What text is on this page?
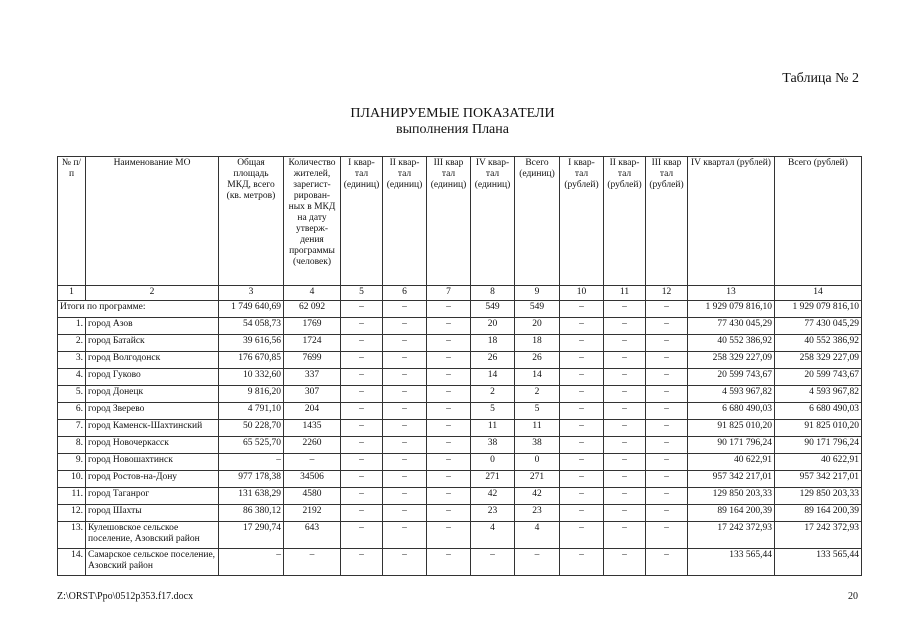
Таблица № 2
ПЛАНИРУЕМЫЕ ПОКАЗАТЕЛИ
выполнения Плана
№ п/п	Наименование МО	Общая площадь МКД, всего (кв. метров)	Количество жителей, зарегист-рирован-ных в МКД на дату утверж-дения программы (человек)	I квар-тал (единиц)	II квар-тал (единиц)	III квар тал (единиц)	IV квар-тал (единиц)	Всего (единиц)	I квар-тал (рублей)	II квар-тал (рублей)	III квар тал (рублей)	IV квартал (рублей)	Всего (рублей)
1	2	3	4	5	6	7	8	9	10	11	12	13	14
Итоги по программе:		1 749 640,69	62 092	–	–	–	549	549	–	–	–	1 929 079 816,10	1 929 079 816,10
1.	город Азов	54 058,73	1769	–	–	–	20	20	–	–	–	77 430 045,29	77 430 045,29
2.	город Батайск	39 616,56	1724	–	–	–	18	18	–	–	–	40 552 386,92	40 552 386,92
3.	город Волгодонск	176 670,85	7699	–	–	–	26	26	–	–	–	258 329 227,09	258 329 227,09
4.	город Гуково	10 332,60	337	–	–	–	14	14	–	–	–	20 599 743,67	20 599 743,67
5.	город Донецк	9 816,20	307	–	–	–	2	2	–	–	–	4 593 967,82	4 593 967,82
6.	город Зверево	4 791,10	204	–	–	–	5	5	–	–	–	6 680 490,03	6 680 490,03
7.	город Каменск-Шахтинский	50 228,70	1435	–	–	–	11	11	–	–	–	91 825 010,20	91 825 010,20
8.	город Новочеркасск	65 525,70	2260	–	–	–	38	38	–	–	–	90 171 796,24	90 171 796,24
9.	город Новошахтинск	–	–	–	–	–	0	0	–	–	–	40 622,91	40 622,91
10.	город Ростов-на-Дону	977 178,38	34506	–	–	–	271	271	–	–	–	957 342 217,01	957 342 217,01
11.	город Таганрог	131 638,29	4580	–	–	–	42	42	–	–	–	129 850 203,33	129 850 203,33
12.	город Шахты	86 380,12	2192	–	–	–	23	23	–	–	–	89 164 200,39	89 164 200,39
13.	Кулешовское сельское поселение, Азовский район	17 290,74	643	–	–	–	4	4	–	–	–	17 242 372,93	17 242 372,93
14.	Самарское сельское поселение, Азовский район	–	–	–	–	–	–	–	–	–	–	133 565,44	133 565,44
Z:\ORST\Ppo\0512p353.f17.docx	20
